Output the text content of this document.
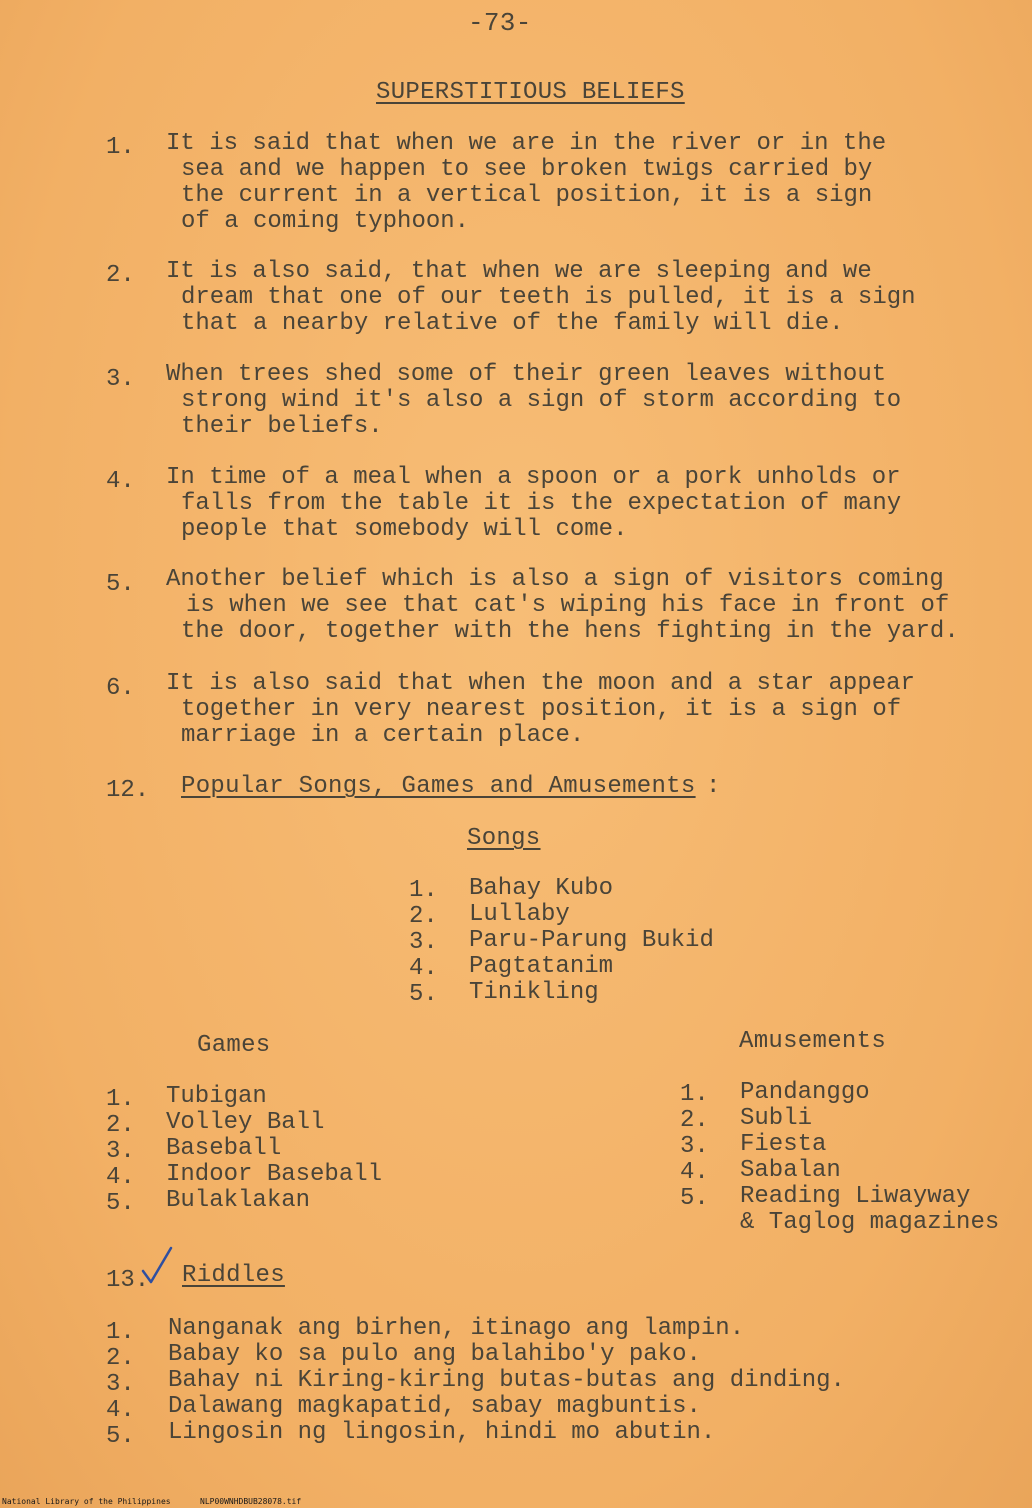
-73-
SUPERSTITIOUS BELIEFS
1. It is said that when we are in the river or in the
sea and we happen to see broken twigs carried by
the current in a vertical position, it is a sign
of a coming typhoon.
2. It is also said, that when we are sleeping and we
dream that one of our teeth is pulled, it is a sign
that a nearby relative of the family will die.
3. When trees shed some of their green leaves without
strong wind it's also a sign of storm according to
their beliefs.
4. In time of a meal when a spoon or a pork unholds or
falls from the table it is the expectation of many
people that somebody will come.
5. Another belief which is also a sign of visitors coming
is when we see that cat's wiping his face in front of
the door, together with the hens fighting in the yard.
6. It is also said that when the moon and a star appear
together in very nearest position, it is a sign of
marriage in a certain place.
12. Popular Songs, Games and Amusements :
Songs
1. Bahay Kubo
2. Lullaby
3. Paru-Parung Bukid
4. Pagtatanim
5. Tinikling
Games
1. Tubigan
2. Volley Ball
3. Baseball
4. Indoor Baseball
5. Bulaklakan
Amusements
1. Pandanggo
2. Subli
3. Fiesta
4. Sabalan
5. Reading Liwayway
& Taglog magazines
13. Riddles
1. Nanganak ang birhen, itinago ang lampin.
2. Babay ko sa pulo ang balahibo'y pako.
3. Bahay ni Kiring-kiring butas-butas ang dinding.
4. Dalawang magkapatid, sabay magbuntis.
5. Lingosin ng lingosin, hindi mo abutin.
National Library of the Philippines	NLP00WNHDBUB28078.tif
